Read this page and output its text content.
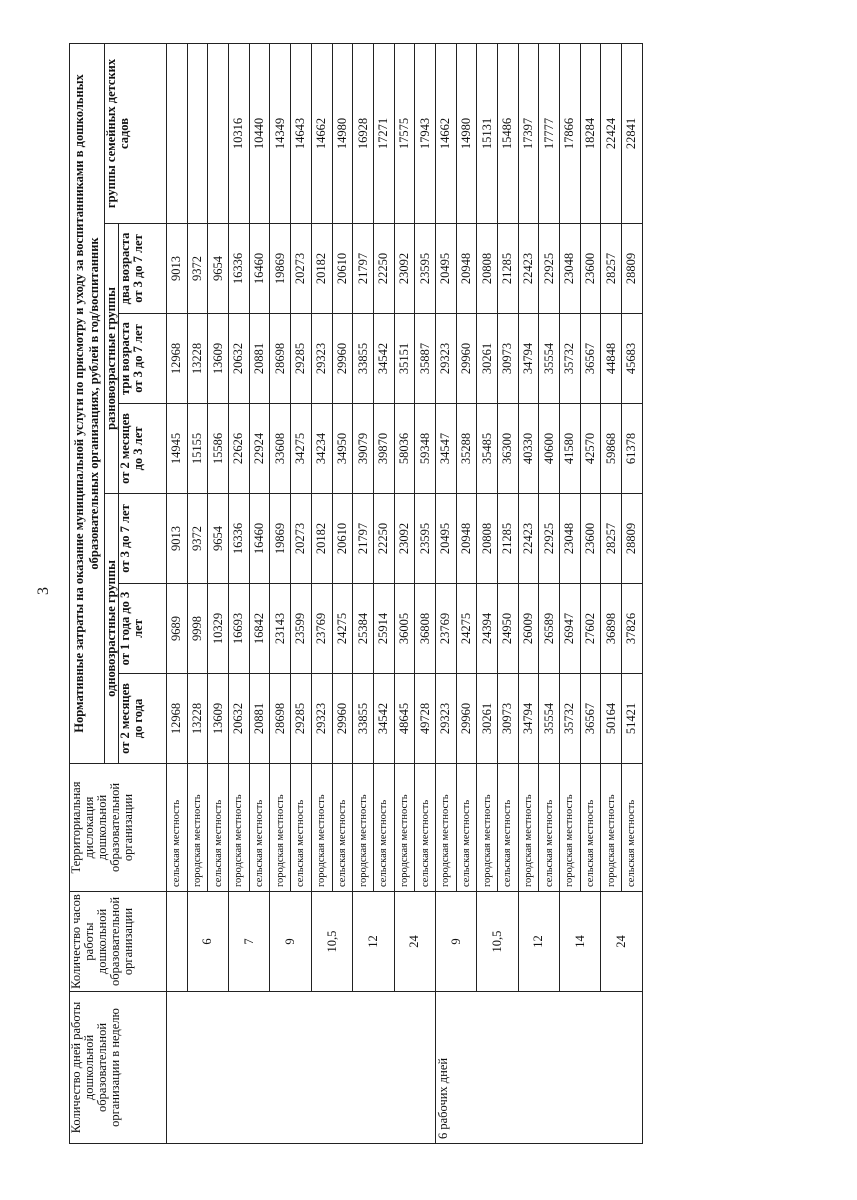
3
Количество дней работы дошкольной образовательной организации в неделю	Количество часов работы дошкольной образовательной организации	Территориальная дислокация дошкольной образовательной организации	Нормативные затраты на оказание муниципальной услуги по присмотру и уходу за воспитанниками в дошкольных образовательных организациях, рублей в год/воспитанник						
			одновозрастные группы			разновозрастные группы			группы семейных детских садов
			от 2 месяцев до года	от 1 года до 3 лет	от 3 до 7 лет	от 2 месяцев до 3 лет	три возраста от 3 до 7 лет	два возраста от 3 до 7 лет	
		сельская местность	12968	9689	9013	14945	12968	9013	
	6	городская местность	13228	9998	9372	15155	13228	9372	
		сельская местность	13609	10329	9654	15586	13609	9654	
	7	городская местность	20632	16693	16336	22626	20632	16336	10316
		сельская местность	20881	16842	16460	22924	20881	16460	10440
	9	городская местность	28698	23143	19869	33608	28698	19869	14349
		сельская местность	29285	23599	20273	34275	29285	20273	14643
	10,5	городская местность	29323	23769	20182	34234	29323	20182	14662
		сельская местность	29960	24275	20610	34950	29960	20610	14980
	12	городская местность	33855	25384	21797	39079	33855	21797	16928
		сельская местность	34542	25914	22250	39870	34542	22250	17271
	24	городская местность	48645	36005	23092	58036	35151	23092	17575
		сельская местность	49728	36808	23595	59348	35887	23595	17943
6 рабочих дней	9	городская местность	29323	23769	20495	34547	29323	20495	14662
		сельская местность	29960	24275	20948	35288	29960	20948	14980
	10,5	городская местность	30261	24394	20808	35485	30261	20808	15131
		сельская местность	30973	24950	21285	36300	30973	21285	15486
	12	городская местность	34794	26009	22423	40330	34794	22423	17397
		сельская местность	35554	26589	22925	40600	35554	22925	17777
	14	городская местность	35732	26947	23048	41580	35732	23048	17866
		сельская местность	36567	27602	23600	42570	36567	23600	18284
	24	городская местность	50164	36898	28257	59868	44848	28257	22424
		сельская местность	51421	37826	28809	61378	45683	28809	22841
